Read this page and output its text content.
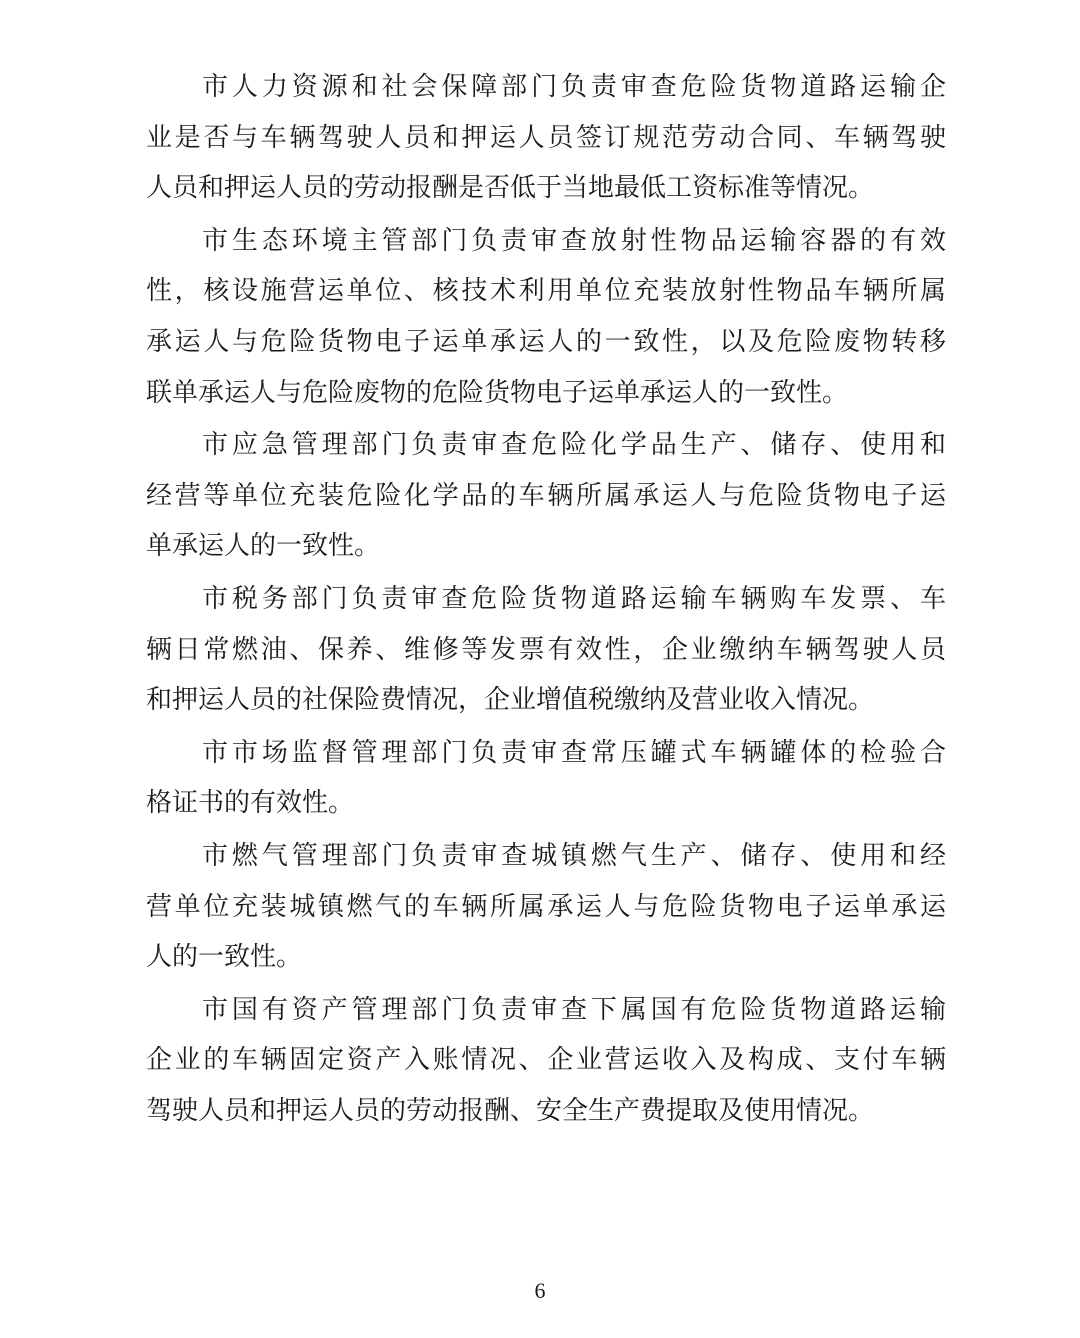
市人力资源和社会保障部门负责审查危险货物道路运输企
业是否与车辆驾驶人员和押运人员签订规范劳动合同、车辆驾驶
人员和押运人员的劳动报酬是否低于当地最低工资标准等情况。
市生态环境主管部门负责审查放射性物品运输容器的有效
性，核设施营运单位、核技术利用单位充装放射性物品车辆所属
承运人与危险货物电子运单承运人的一致性，以及危险废物转移
联单承运人与危险废物的危险货物电子运单承运人的一致性。
市应急管理部门负责审查危险化学品生产、储存、使用和
经营等单位充装危险化学品的车辆所属承运人与危险货物电子运
单承运人的一致性。
市税务部门负责审查危险货物道路运输车辆购车发票、车
辆日常燃油、保养、维修等发票有效性，企业缴纳车辆驾驶人员
和押运人员的社保险费情况，企业增值税缴纳及营业收入情况。
市市场监督管理部门负责审查常压罐式车辆罐体的检验合
格证书的有效性。
市燃气管理部门负责审查城镇燃气生产、储存、使用和经
营单位充装城镇燃气的车辆所属承运人与危险货物电子运单承运
人的一致性。
市国有资产管理部门负责审查下属国有危险货物道路运输
企业的车辆固定资产入账情况、企业营运收入及构成、支付车辆
驾驶人员和押运人员的劳动报酬、安全生产费提取及使用情况。
6
